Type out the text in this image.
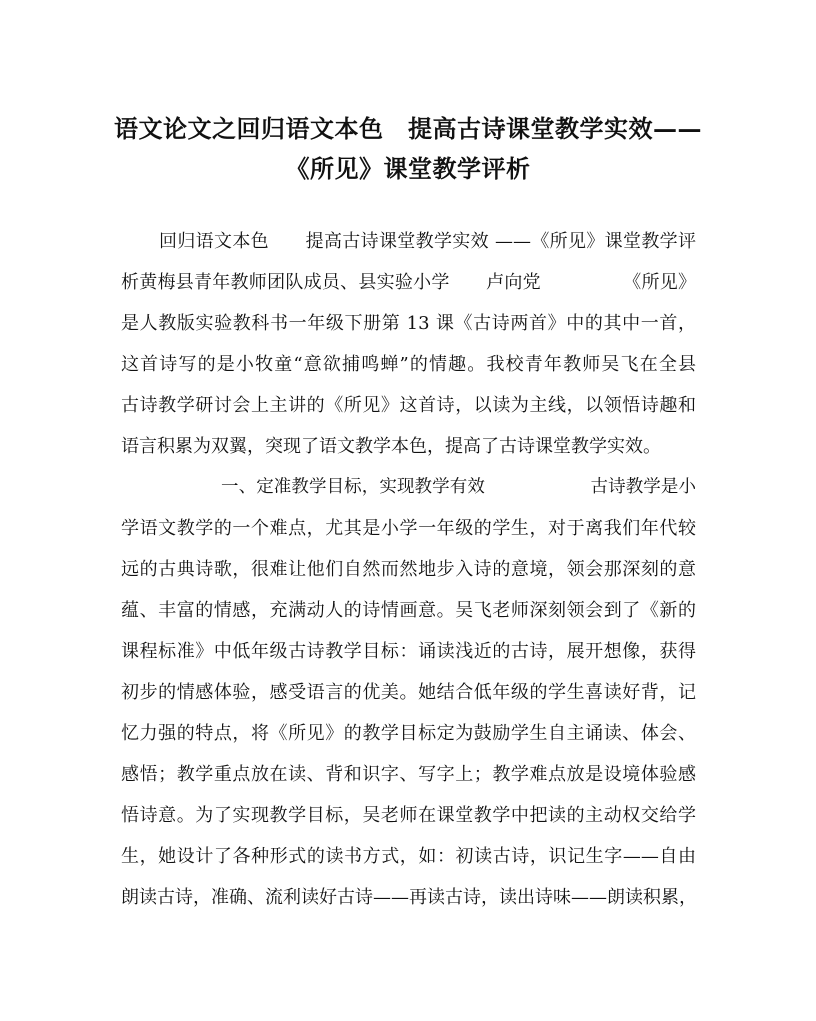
语文论文之回归语文本色　提高古诗课堂教学实效——
《所见》课堂教学评析
回归语文本色　　提高古诗课堂教学实效 ——《所见》课堂教学评
析黄梅县青年教师团队成员、县实验小学　　卢向党　　　　　《所见》
是人教版实验教科书一年级下册第 13 课《古诗两首》中的其中一首，
这首诗写的是小牧童“意欲捕鸣蝉”的情趣。我校青年教师吴飞在全县
古诗教学研讨会上主讲的《所见》这首诗，以读为主线，以领悟诗趣和
语言积累为双翼，突现了语文教学本色，提高了古诗课堂教学实效。
一、定准教学目标，实现教学有效　　　　　　古诗教学是小
学语文教学的一个难点，尤其是小学一年级的学生，对于离我们年代较
远的古典诗歌，很难让他们自然而然地步入诗的意境，领会那深刻的意
蕴、丰富的情感，充满动人的诗情画意。吴飞老师深刻领会到了《新的
课程标准》中低年级古诗教学目标：诵读浅近的古诗，展开想像，获得
初步的情感体验，感受语言的优美。她结合低年级的学生喜读好背，记
忆力强的特点，将《所见》的教学目标定为鼓励学生自主诵读、体会、
感悟；教学重点放在读、背和识字、写字上；教学难点放是设境体验感
悟诗意。为了实现教学目标，吴老师在课堂教学中把读的主动权交给学
生，她设计了各种形式的读书方式，如：初读古诗，识记生字——自由
朗读古诗，准确、流利读好古诗——再读古诗，读出诗味——朗读积累，
